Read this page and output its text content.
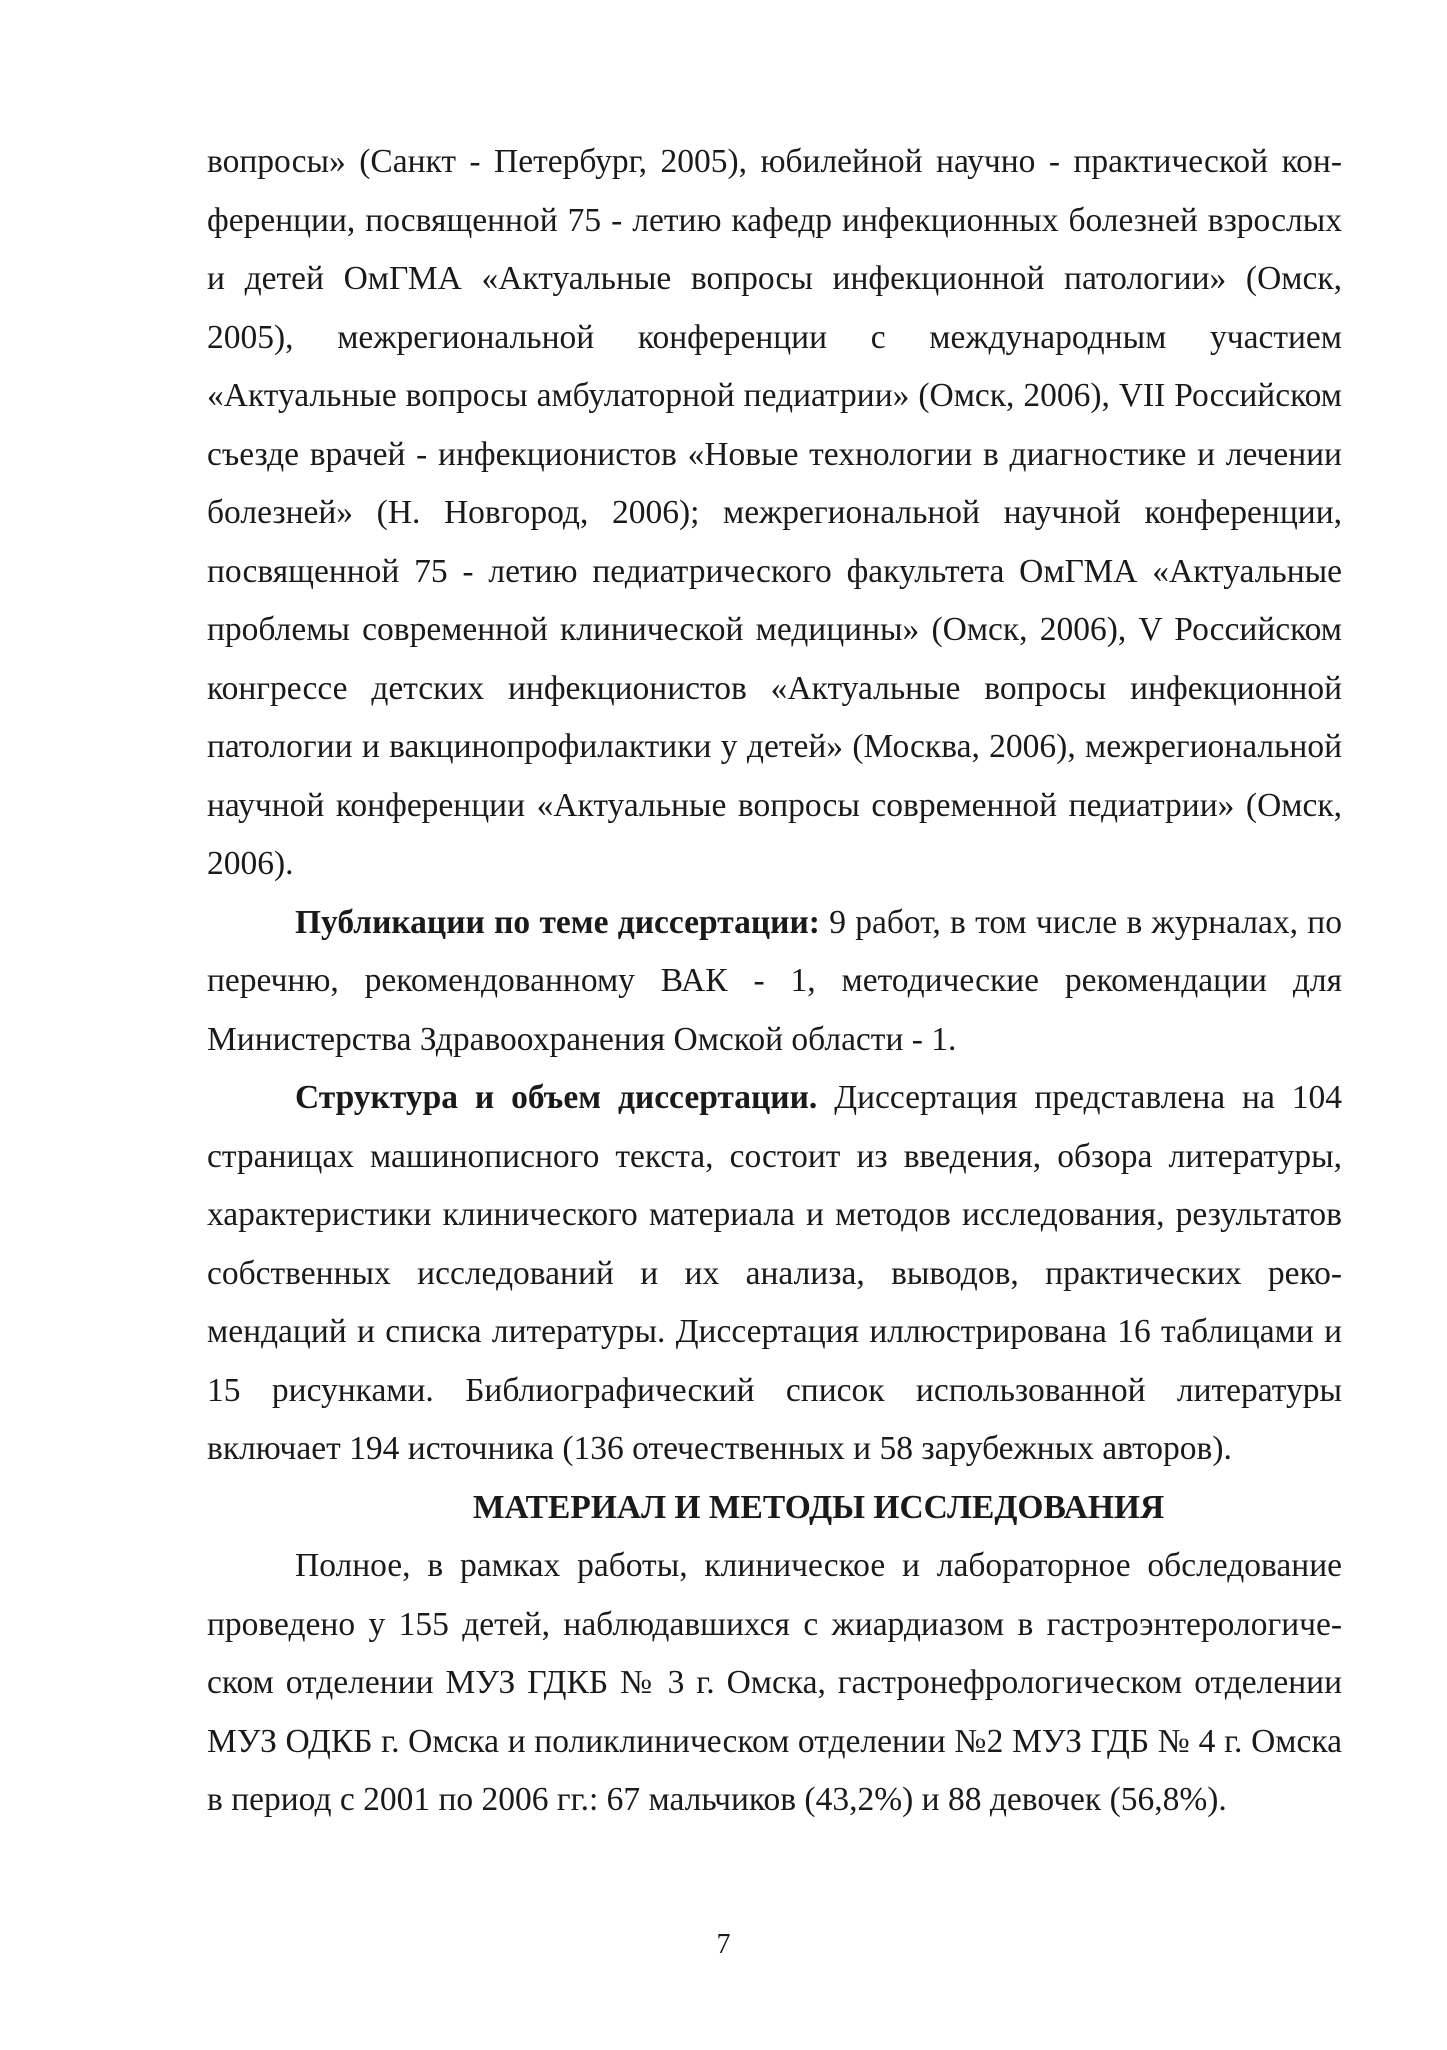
вопросы» (Санкт - Петербург, 2005), юбилейной научно - практической конференции, посвященной 75 - летию кафедр инфекционных болезней взрослых и детей ОмГМА «Актуальные вопросы инфекционной патологии» (Омск, 2005), межрегиональной конференции с международным участием «Актуальные вопросы амбулаторной педиатрии» (Омск, 2006), VII Российском съезде врачей - инфекционистов «Новые технологии в диагностике и лечении болезней» (Н. Новгород, 2006); межрегиональной научной конференции, посвященной 75 - летию педиатрического факультета ОмГМА «Актуальные проблемы современной клинической медицины» (Омск, 2006), V Российском конгрессе детских инфекционистов «Актуальные вопросы инфекционной патологии и вакцинопрофилактики у детей» (Москва, 2006), межрегиональной научной конференции «Актуальные вопросы современной педиатрии» (Омск, 2006).

Публикации по теме диссертации: 9 работ, в том числе в журналах, по перечню, рекомендованному ВАК - 1, методические рекомендации для Министерства Здравоохранения Омской области - 1.

Структура и объем диссертации. Диссертация представлена на 104 страницах машинописного текста, состоит из введения, обзора литературы, характеристики клинического материала и методов исследования, результатов собственных исследований и их анализа, выводов, практических рекомендаций и списка литературы. Диссертация иллюстрирована 16 таблицами и 15 рисунками. Библиографический список использованной литературы включает 194 источника (136 отечественных и 58 зарубежных авторов).

МАТЕРИАЛ И МЕТОДЫ ИССЛЕДОВАНИЯ

Полное, в рамках работы, клиническое и лабораторное обследование проведено у 155 детей, наблюдавшихся с жиардиазом в гастроэнтерологическом отделении МУЗ ГДКБ № 3 г. Омска, гастронефрологическом отделении МУЗ ОДКБ г. Омска и поликлиническом отделении №2 МУЗ ГДБ № 4 г. Омска в период с 2001 по 2006 гг.: 67 мальчиков (43,2%) и 88 девочек (56,8%).

7
